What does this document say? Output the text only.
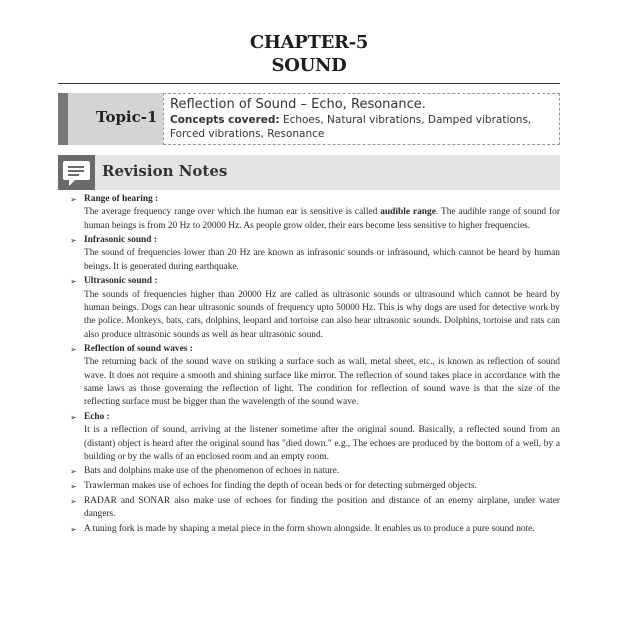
CHAPTER-5
SOUND
Topic-1
Reflection of Sound – Echo, Resonance.
Concepts covered: Echoes, Natural vibrations, Damped vibrations, Forced vibrations, Resonance
Revision Notes
➢ Range of hearing :
The average frequency range over which the human ear is sensitive is called audible range. The audible range of sound for human beings is from 20 Hz to 20000 Hz. As people grow older, their ears become less sensitive to higher frequencies.
➢ Infrasonic sound :
The sound of frequencies lower than 20 Hz are known as infrasonic sounds or infrasound, which cannot be heard by human beings. It is generated during earthquake.
➢ Ultrasonic sound :
The sounds of frequencies higher than 20000 Hz are called as ultrasonic sounds or ultrasound which cannot be heard by human beings. Dogs can hear ultrasonic sounds of frequency upto 50000 Hz. This is why dogs are used for detective work by the police. Monkeys, bats, cats, dolphins, leopard and tortoise can also hear ultrasonic sounds. Dolphins, tortoise and rats can also produce ultrasonic sounds as well as hear ultrasonic sound.
➢ Reflection of sound waves :
The returning back of the sound wave on striking a surface such as wall, metal sheet, etc., is known as reflection of sound wave. It does not require a smooth and shining surface like mirror. The reflection of sound takes place in accordance with the same laws as those governing the reflection of light. The condition for reflection of sound wave is that the size of the reflecting surface must be bigger than the wavelength of the sound wave.
➢ Echo :
It is a reflection of sound, arriving at the listener sometime after the original sound. Basically, a reflected sound from an (distant) object is heard after the original sound has "died down." e.g., The echoes are produced by the bottom of a well, by a building or by the walls of an enclosed room and an empty room.
➢ Bats and dolphins make use of the phenomenon of echoes in nature.
➢ Trawlerman makes use of echoes for finding the depth of ocean beds or for detecting submerged objects.
➢ RADAR and SONAR also make use of echoes for finding the position and distance of an enemy airplane, under water dangers.
➢ A tuning fork is made by shaping a metal piece in the form shown alongside. It enables us to produce a pure sound note.
